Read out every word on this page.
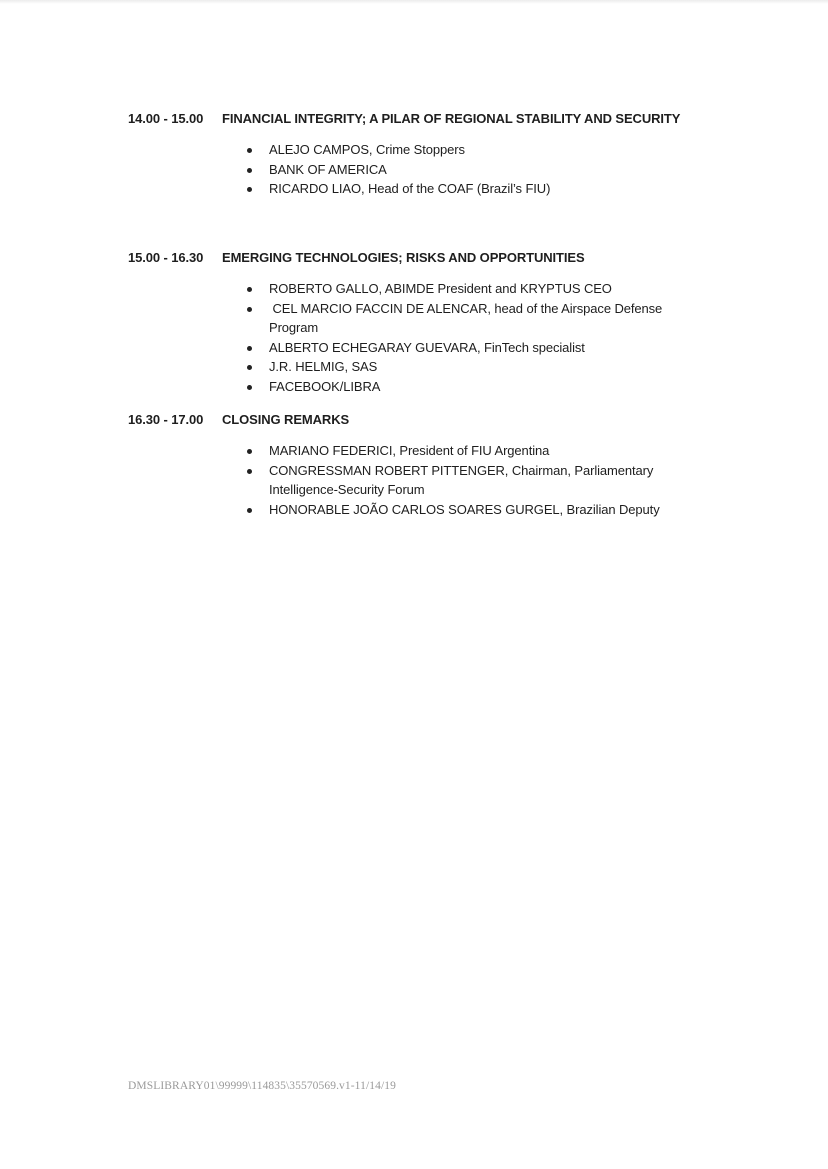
14.00 - 15.00	FINANCIAL INTEGRITY; A PILAR OF REGIONAL STABILITY AND SECURITY
ALEJO CAMPOS, Crime Stoppers
BANK OF AMERICA
RICARDO LIAO, Head of the COAF (Brazil’s FIU)
15.00 - 16.30	EMERGING TECHNOLOGIES; RISKS AND OPPORTUNITIES
ROBERTO GALLO, ABIMDE President and KRYPTUS CEO
CEL MARCIO FACCIN DE ALENCAR, head of the Airspace Defense Program
ALBERTO ECHEGARAY GUEVARA, FinTech specialist
J.R. HELMIG, SAS
FACEBOOK/LIBRA
16.30 - 17.00	CLOSING REMARKS
MARIANO FEDERICI, President of FIU Argentina
CONGRESSMAN ROBERT PITTENGER, Chairman, Parliamentary Intelligence-Security Forum
HONORABLE JOÃO CARLOS SOARES GURGEL, Brazilian Deputy
DMSLIBRARY01\99999\114835\35570569.v1-11/14/19
